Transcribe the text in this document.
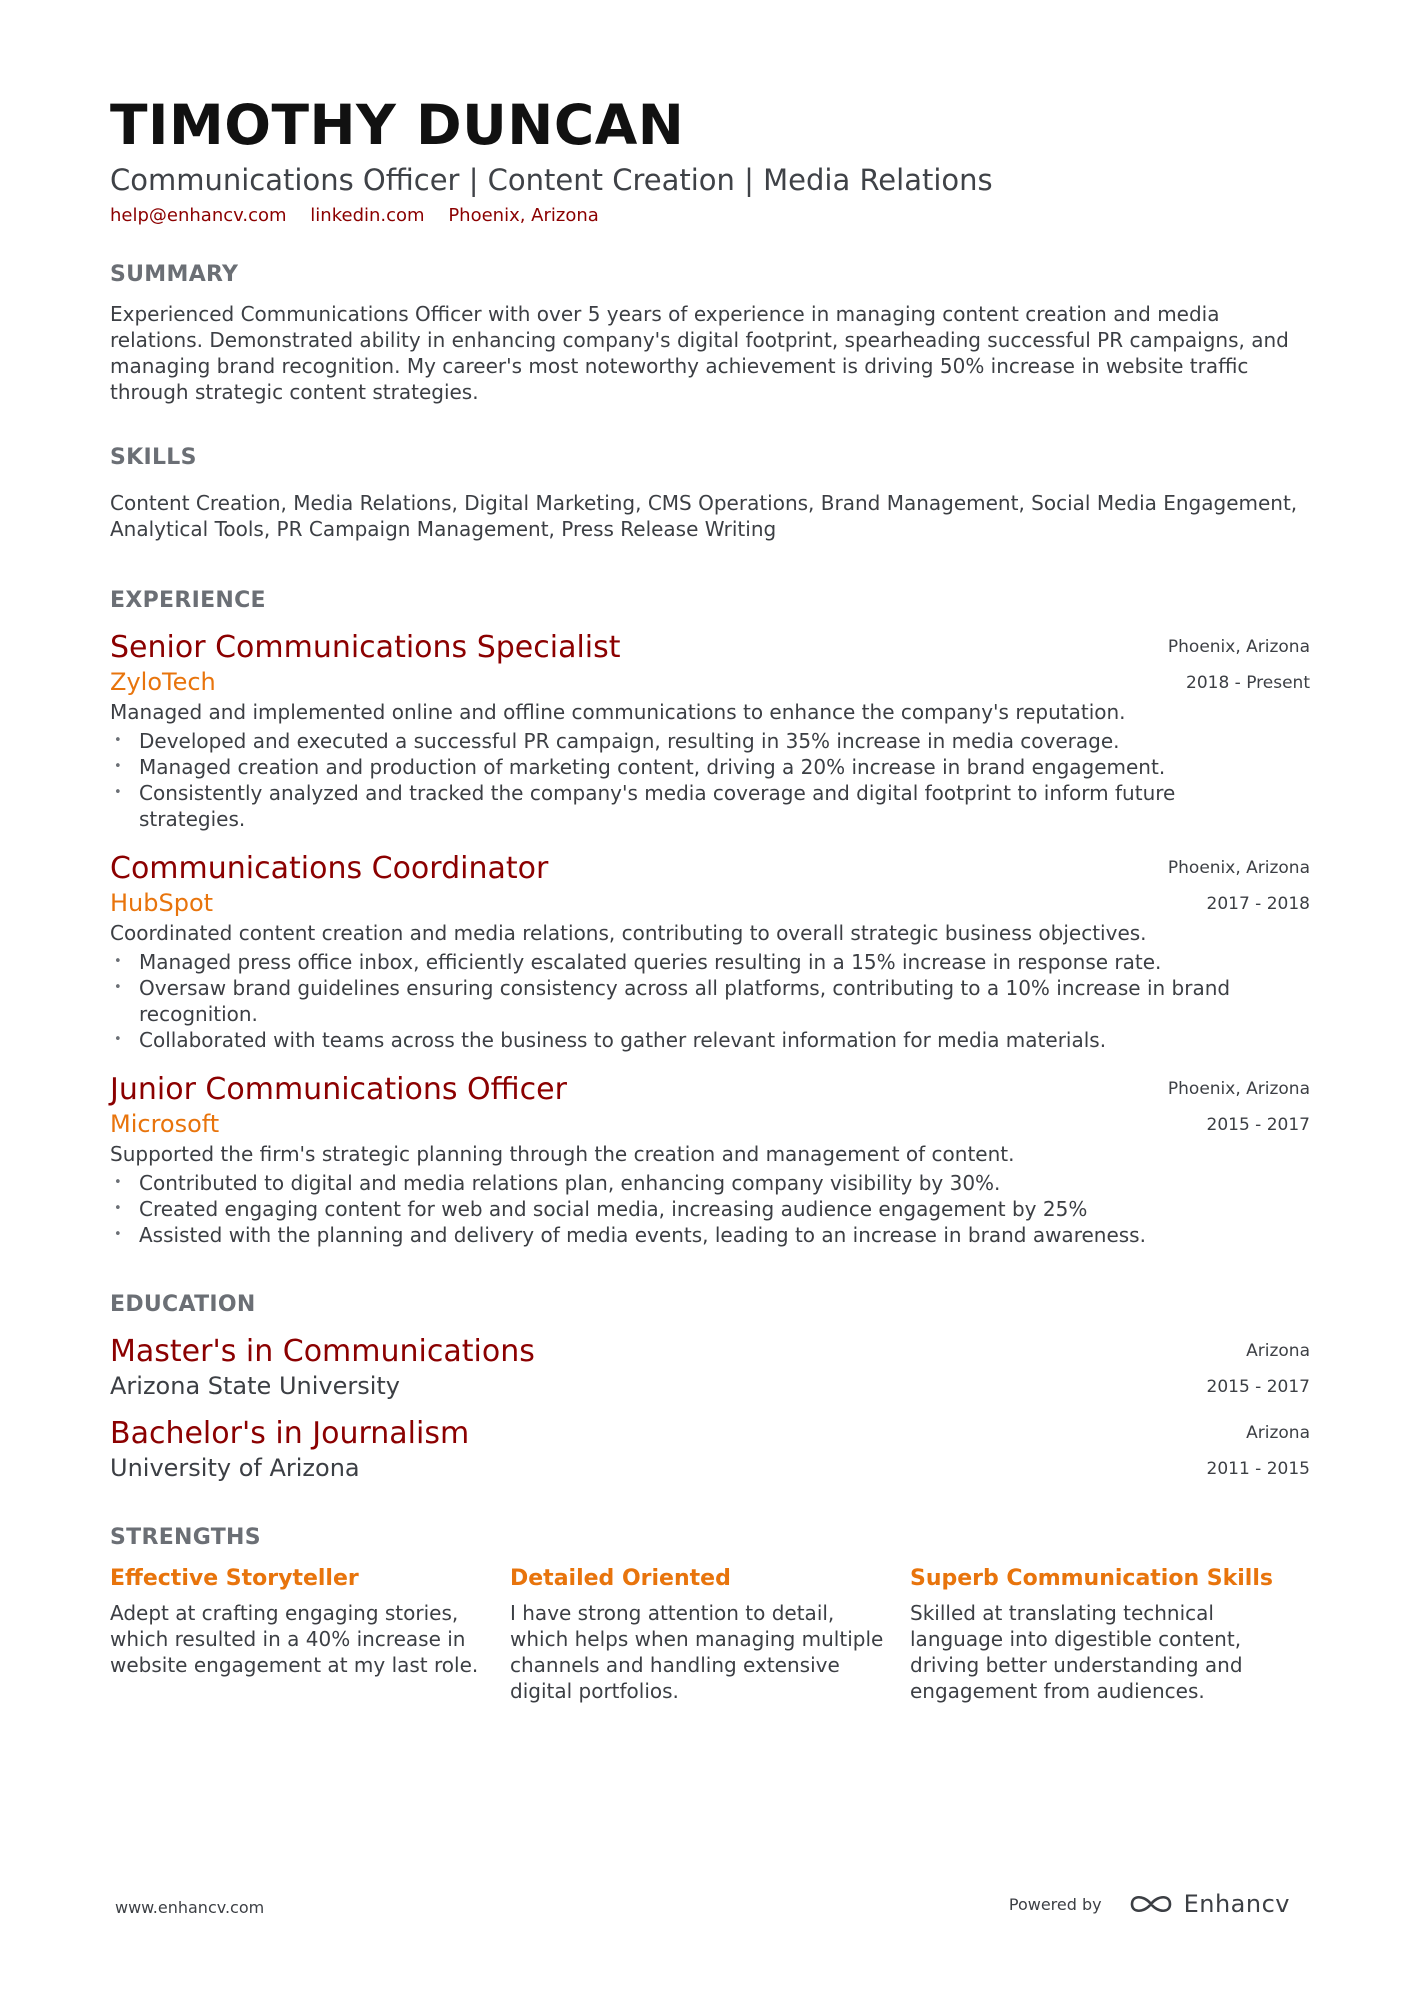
TIMOTHY DUNCAN
Communications Officer | Content Creation | Media Relations
help@enhancv.com linkedin.com Phoenix, Arizona
SUMMARY
Experienced Communications Officer with over 5 years of experience in managing content creation and media relations. Demonstrated ability in enhancing company's digital footprint, spearheading successful PR campaigns, and managing brand recognition. My career's most noteworthy achievement is driving 50% increase in website traffic through strategic content strategies.
SKILLS
Content Creation, Media Relations, Digital Marketing, CMS Operations, Brand Management, Social Media Engagement, Analytical Tools, PR Campaign Management, Press Release Writing
EXPERIENCE
Phoenix, Arizona
2018 - Present
Senior Communications Specialist
ZyloTech
Managed and implemented online and offline communications to enhance the company's reputation.
• Developed and executed a successful PR campaign, resulting in 35% increase in media coverage.
• Managed creation and production of marketing content, driving a 20% increase in brand engagement.
• Consistently analyzed and tracked the company's media coverage and digital footprint to inform future strategies.
Phoenix, Arizona
2017 - 2018
Communications Coordinator
HubSpot
Coordinated content creation and media relations, contributing to overall strategic business objectives.
• Managed press office inbox, efficiently escalated queries resulting in a 15% increase in response rate.
• Oversaw brand guidelines ensuring consistency across all platforms, contributing to a 10% increase in brand recognition.
• Collaborated with teams across the business to gather relevant information for media materials.
Phoenix, Arizona
2015 - 2017
Junior Communications Officer
Microsoft
Supported the firm's strategic planning through the creation and management of content.
• Contributed to digital and media relations plan, enhancing company visibility by 30%.
• Created engaging content for web and social media, increasing audience engagement by 25%
• Assisted with the planning and delivery of media events, leading to an increase in brand awareness.
EDUCATION
Arizona
2015 - 2017
Master's in Communications
Arizona State University
Arizona
2011 - 2015
Bachelor's in Journalism
University of Arizona
STRENGTHS
Effective Storyteller
Adept at crafting engaging stories, which resulted in a 40% increase in website engagement at my last role.
Detailed Oriented
I have strong attention to detail, which helps when managing multiple channels and handling extensive digital portfolios.
Superb Communication Skills
Skilled at translating technical language into digestible content, driving better understanding and engagement from audiences.
www.enhancv.com	Powered by	Enhancv
